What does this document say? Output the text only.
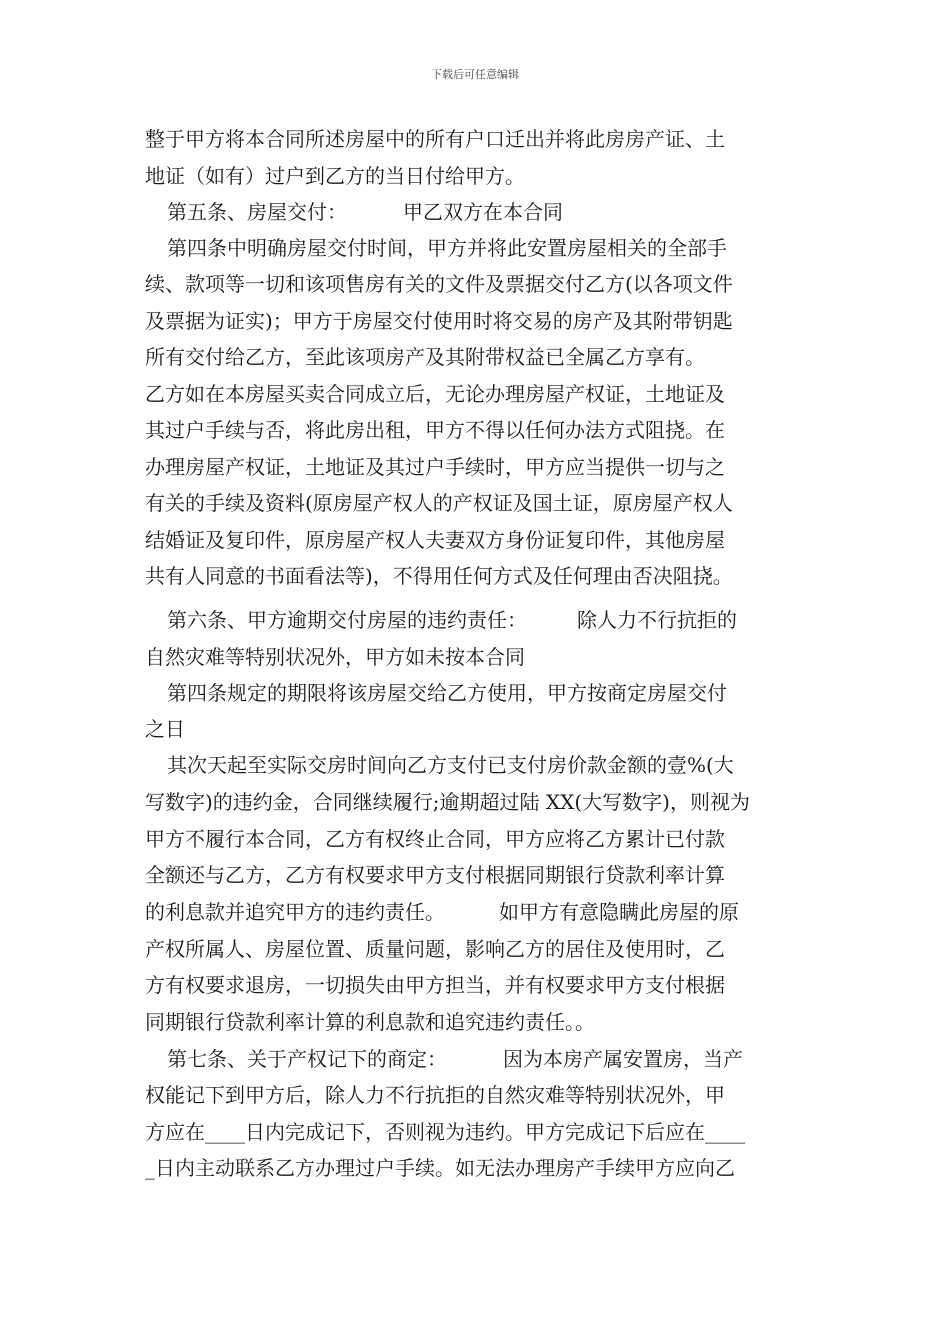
下载后可任意编辑
整于甲方将本合同所述房屋中的所有户口迁出并将此房房产证、土
地证（如有）过户到乙方的当日付给甲方。
第五条、房屋交付：	甲乙双方在本合同
第四条中明确房屋交付时间，甲方并将此安置房屋相关的全部手
续、款项等一切和该项售房有关的文件及票据交付乙方(以各项文件
及票据为证实)；甲方于房屋交付使用时将交易的房产及其附带钥匙
所有交付给乙方，至此该项房产及其附带权益已全属乙方享有。
乙方如在本房屋买卖合同成立后，无论办理房屋产权证，土地证及
其过户手续与否，将此房出租，甲方不得以任何办法方式阻挠。在
办理房屋产权证，土地证及其过户手续时，甲方应当提供一切与之
有关的手续及资料(原房屋产权人的产权证及国土证，原房屋产权人
结婚证及复印件，原房屋产权人夫妻双方身份证复印件，其他房屋
共有人同意的书面看法等)，不得用任何方式及任何理由否决阻挠。
第六条、甲方逾期交付房屋的违约责任：	除人力不行抗拒的
自然灾难等特别状况外，甲方如未按本合同
第四条规定的期限将该房屋交给乙方使用，甲方按商定房屋交付
之日
其次天起至实际交房时间向乙方支付已支付房价款金额的壹%(大
写数字)的违约金，合同继续履行;逾期超过陆 XX(大写数字)，则视为
甲方不履行本合同，乙方有权终止合同，甲方应将乙方累计已付款
全额还与乙方，乙方有权要求甲方支付根据同期银行贷款利率计算
的利息款并追究甲方的违约责任。	如甲方有意隐瞒此房屋的原
产权所属人、房屋位置、质量问题，影响乙方的居住及使用时，乙
方有权要求退房，一切损失由甲方担当，并有权要求甲方支付根据
同期银行贷款利率计算的利息款和追究违约责任。。
第七条、关于产权记下的商定：	因为本房产属安置房，当产
权能记下到甲方后，除人力不行抗拒的自然灾难等特别状况外，甲
方应在____日内完成记下，否则视为违约。甲方完成记下后应在____
_日内主动联系乙方办理过户手续。如无法办理房产手续甲方应向乙
